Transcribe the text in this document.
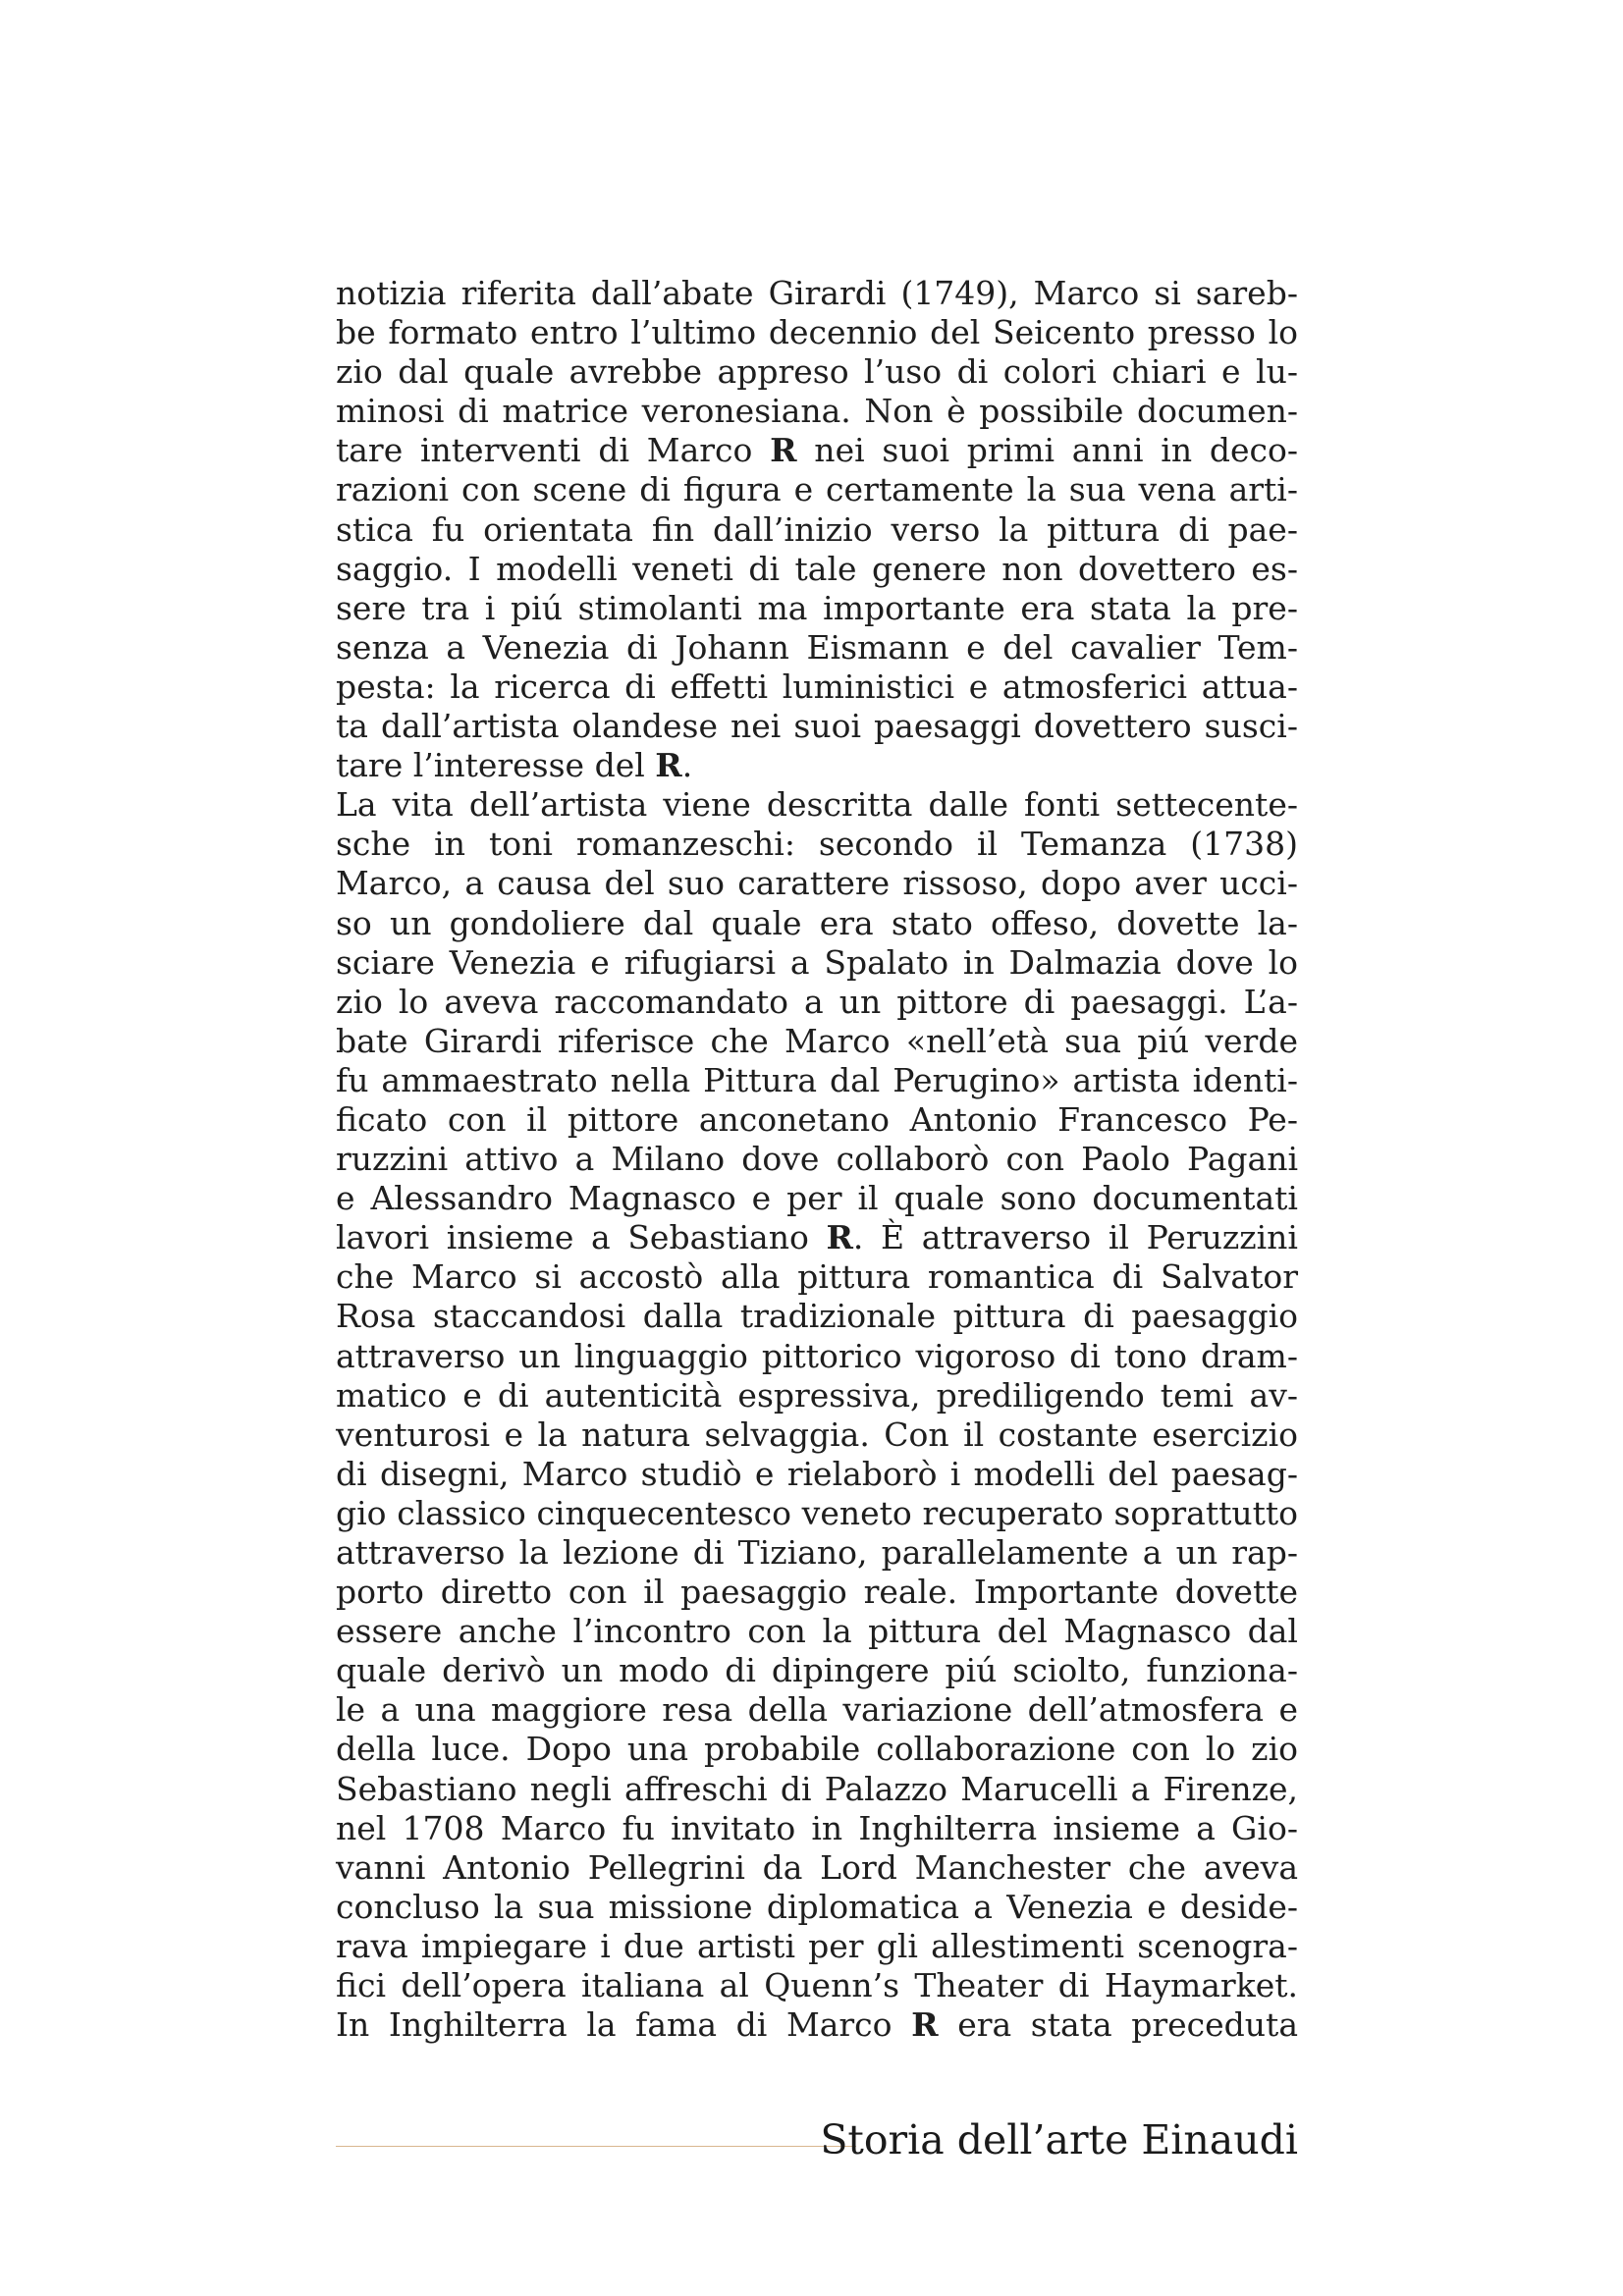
notizia riferita dall’abate Girardi (1749), Marco si sareb-
be formato entro l’ultimo decennio del Seicento presso lo
zio dal quale avrebbe appreso l’uso di colori chiari e lu-
minosi di matrice veronesiana. Non è possibile documen-
tare interventi di Marco R nei suoi primi anni in deco-
razioni con scene di figura e certamente la sua vena arti-
stica fu orientata fin dall’inizio verso la pittura di pae-
saggio. I modelli veneti di tale genere non dovettero es-
sere tra i piú stimolanti ma importante era stata la pre-
senza a Venezia di Johann Eismann e del cavalier Tem-
pesta: la ricerca di effetti luministici e atmosferici attua-
ta dall’artista olandese nei suoi paesaggi dovettero susci-
tare l’interesse del R.
La vita dell’artista viene descritta dalle fonti settecente-
sche in toni romanzeschi: secondo il Temanza (1738)
Marco, a causa del suo carattere rissoso, dopo aver ucci-
so un gondoliere dal quale era stato offeso, dovette la-
sciare Venezia e rifugiarsi a Spalato in Dalmazia dove lo
zio lo aveva raccomandato a un pittore di paesaggi. L’a-
bate Girardi riferisce che Marco «nell’età sua piú verde
fu ammaestrato nella Pittura dal Perugino» artista identi-
ficato con il pittore anconetano Antonio Francesco Pe-
ruzzini attivo a Milano dove collaborò con Paolo Pagani
e Alessandro Magnasco e per il quale sono documentati
lavori insieme a Sebastiano R. È attraverso il Peruzzini
che Marco si accostò alla pittura romantica di Salvator
Rosa staccandosi dalla tradizionale pittura di paesaggio
attraverso un linguaggio pittorico vigoroso di tono dram-
matico e di autenticità espressiva, prediligendo temi av-
venturosi e la natura selvaggia. Con il costante esercizio
di disegni, Marco studiò e rielaborò i modelli del paesag-
gio classico cinquecentesco veneto recuperato soprattutto
attraverso la lezione di Tiziano, parallelamente a un rap-
porto diretto con il paesaggio reale. Importante dovette
essere anche l’incontro con la pittura del Magnasco dal
quale derivò un modo di dipingere piú sciolto, funziona-
le a una maggiore resa della variazione dell’atmosfera e
della luce. Dopo una probabile collaborazione con lo zio
Sebastiano negli affreschi di Palazzo Marucelli a Firenze,
nel 1708 Marco fu invitato in Inghilterra insieme a Gio-
vanni Antonio Pellegrini da Lord Manchester che aveva
concluso la sua missione diplomatica a Venezia e deside-
rava impiegare i due artisti per gli allestimenti scenogra-
fici dell’opera italiana al Quenn’s Theater di Haymarket.
In Inghilterra la fama di Marco R era stata preceduta
Storia dell’arte Einaudi
